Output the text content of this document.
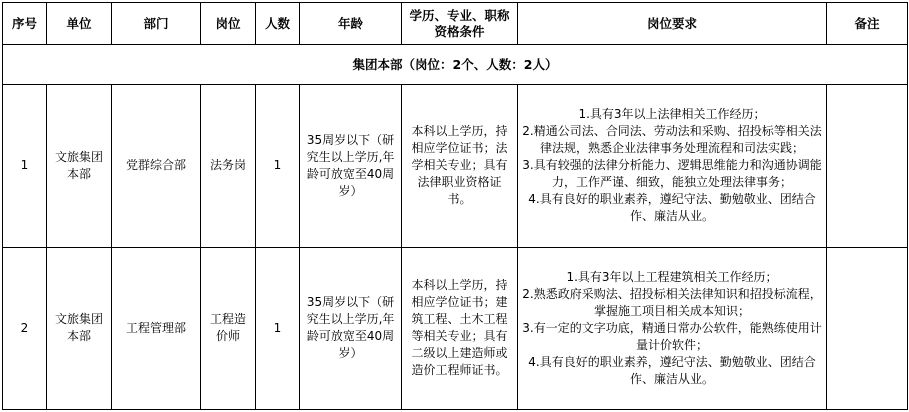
序号	单位	部门	岗位	人数	年龄	学历、专业、职称资格条件	岗位要求	备注
集团本部（岗位：2个、人数：2人）								
1	文旅集团本部	党群综合部	法务岗	1	35周岁以下（研究生以上学历,年龄可放宽至40周岁）	本科以上学历，持相应学位证书；法学相关专业；具有法律职业资格证书。	1.具有3年以上法律相关工作经历；
2.精通公司法、合同法、劳动法和采购、招投标等相关法律法规，熟悉企业法律事务处理流程和司法实践；
3.具有较强的法律分析能力、逻辑思维能力和沟通协调能力，工作严谨、细致，能独立处理法律事务；
4.具有良好的职业素养，遵纪守法、勤勉敬业、团结合作、廉洁从业。	

2	文旅集团本部	工程管理部	工程造价师	1	35周岁以下（研究生以上学历,年龄可放宽至40周岁）	本科以上学历，持相应学位证书；建筑工程、土木工程等相关专业；具有二级以上建造师或造价工程师证书。	1.具有3年以上工程建筑相关工作经历；
2.熟悉政府采购法、招投标相关法律知识和招投标流程，掌握施工项目相关成本知识；
3.有一定的文字功底，精通日常办公软件，能熟练使用计量计价软件；
4.具有良好的职业素养，遵纪守法、勤勉敬业、团结合作、廉洁从业。	
